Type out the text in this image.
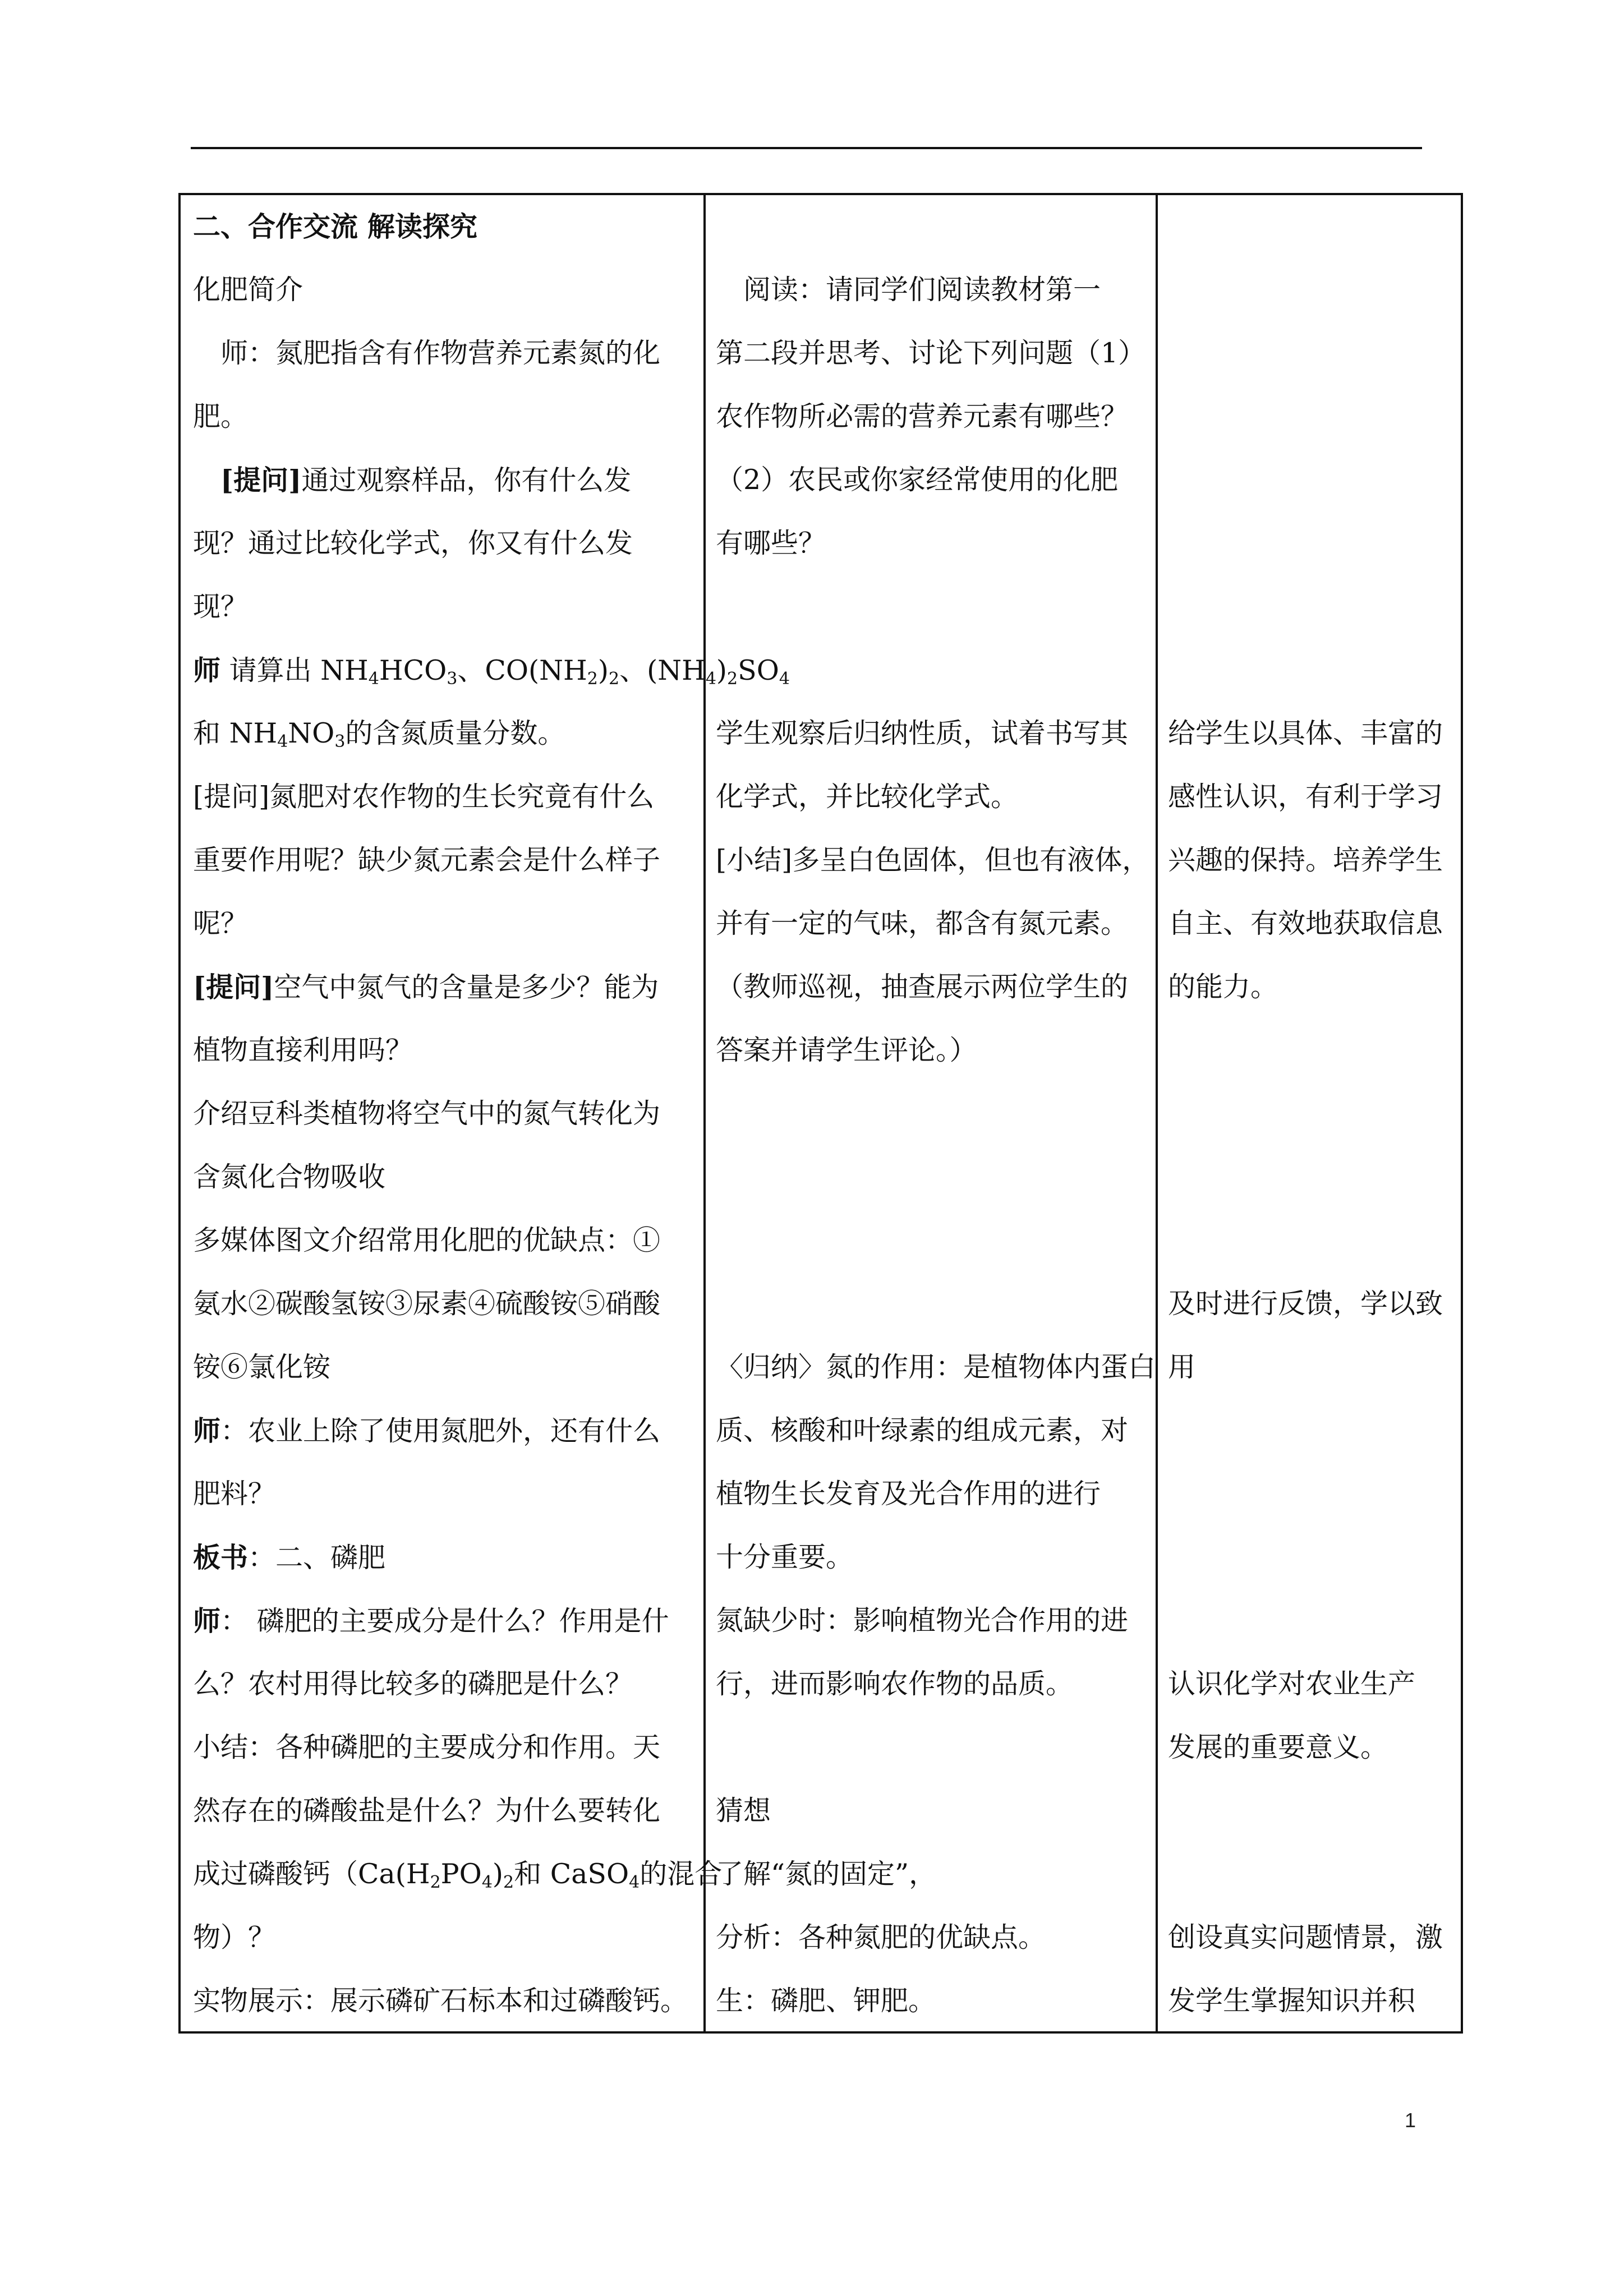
二、合作交流 解读探究
化肥简介
　师：氮肥指含有作物营养元素氮的化
肥。
　[提问]通过观察样品，你有什么发
现？通过比较化学式，你又有什么发
现？
师 请算出 $NH_4HCO_3$、$CO(NH_2)_2$、$(NH_4)_2SO_4$
和 $NH_4NO_3$的含氮质量分数。
[提问]氮肥对农作物的生长究竟有什么
重要作用呢？缺少氮元素会是什么样子
呢？
[提问]空气中氮气的含量是多少？能为
植物直接利用吗？
介绍豆科类植物将空气中的氮气转化为
含氮化合物吸收
多媒体图文介绍常用化肥的优缺点：①
氨水②碳酸氢铵③尿素④硫酸铵⑤硝酸
铵⑥氯化铵
师：农业上除了使用氮肥外，还有什么
肥料？
板书：二、磷肥
师： 磷肥的主要成分是什么？作用是什
么？农村用得比较多的磷肥是什么？
小结：各种磷肥的主要成分和作用。天
然存在的磷酸盐是什么？为什么要转化
成过磷酸钙（$Ca(H_2PO_4)_2$和 CaSO$_4$的混合
物）？
实物展示：展示磷矿石标本和过磷酸钙。
　阅读：请同学们阅读教材第一
第二段并思考、讨论下列问题（1）
农作物所必需的营养元素有哪些？
（2）农民或你家经常使用的化肥
有哪些？
学生观察后归纳性质，试着书写其
化学式，并比较化学式。
[小结]多呈白色固体，但也有液体，
并有一定的气味，都含有氮元素。
（教师巡视，抽查展示两位学生的
答案并请学生评论。）
〈归纳〉氮的作用：是植物体内蛋白
质、核酸和叶绿素的组成元素，对
植物生长发育及光合作用的进行
十分重要。
氮缺少时：影响植物光合作用的进
行，进而影响农作物的品质。
猜想
了解“氮的固定”，
分析：各种氮肥的优缺点。
生：磷肥、钾肥。
给学生以具体、丰富的
感性认识，有利于学习
兴趣的保持。培养学生
自主、有效地获取信息
的能力。
及时进行反馈，学以致
用
认识化学对农业生产
发展的重要意义。
创设真实问题情景，激
发学生掌握知识并积
1
